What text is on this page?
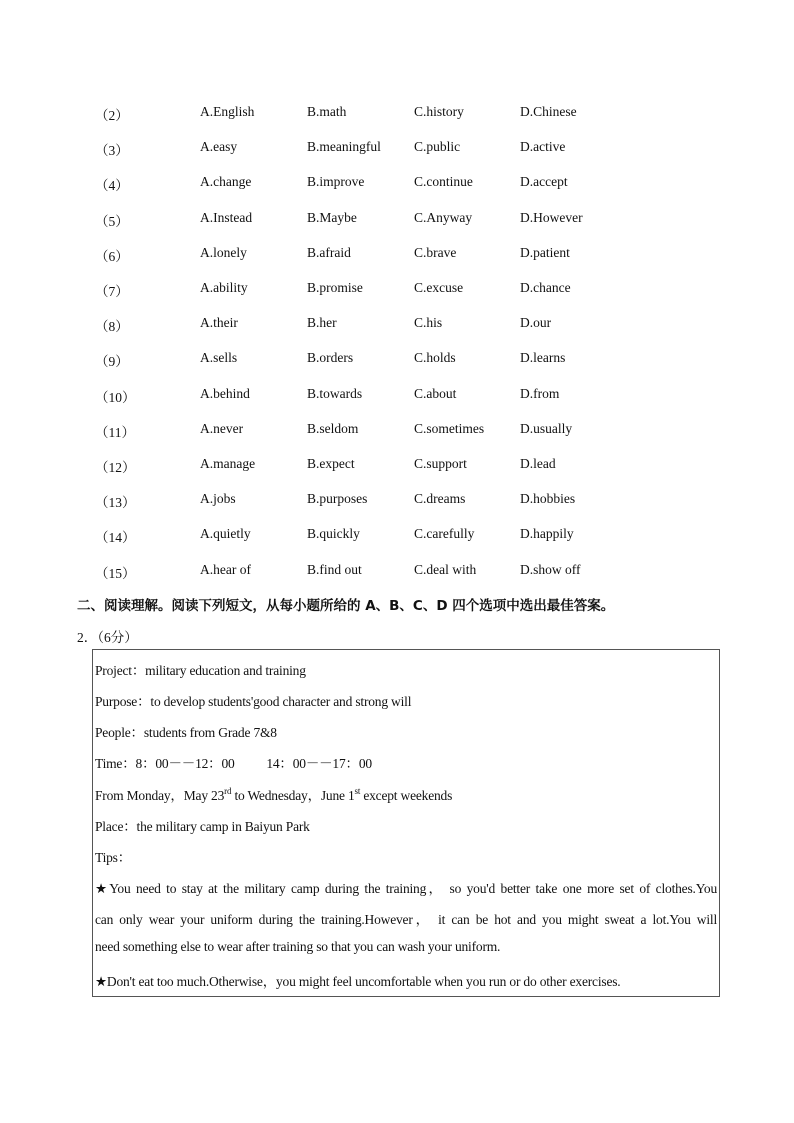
（2）	A.English	B.math	C.history	D.Chinese
（3）	A.easy	B.meaningful C.public	D.active
（4）	A.change	B.improve	C.continue	D.accept
（5）	A.Instead	B.Maybe	C.Anyway	D.However
（6）	A.lonely	B.afraid	C.brave	D.patient
（7）	A.ability	B.promise	C.excuse	D.chance
（8）	A.their	B.her	C.his	D.our
（9）	A.sells	B.orders	C.holds	D.learns
（10）	A.behind	B.towards	C.about	D.from
（11）	A.never	B.seldom	C.sometimes	D.usually
（12）	A.manage	B.expect	C.support	D.lead
（13）	A.jobs	B.purposes	C.dreams	D.hobbies
（14）	A.quietly	B.quickly	C.carefully	D.happily
（15）	A.hear of	B.find out	C.deal with	D.show off
二、阅读理解。阅读下列短文，从每小题所给的 A、B、C、D 四个选项中选出最佳答案。
2．（6分）
Project：military education and training
Purpose：to develop students'good character and strong will
People：students from Grade 7&8
Time：8：00－－12：00          14：00－－17：00
From Monday，May 23rd to Wednesday，June 1st except weekends
Place：the military camp in Baiyun Park
Tips：
★You need to stay at the military camp during the training， so you'd better take one more set of clothes.You
can only wear your uniform during the training.However， it can be hot and you might sweat a lot.You will
need something else to wear after training so that you can wash your uniform.
★Don't eat too much.Otherwise，you might feel uncomfortable when you run or do other exercises.
